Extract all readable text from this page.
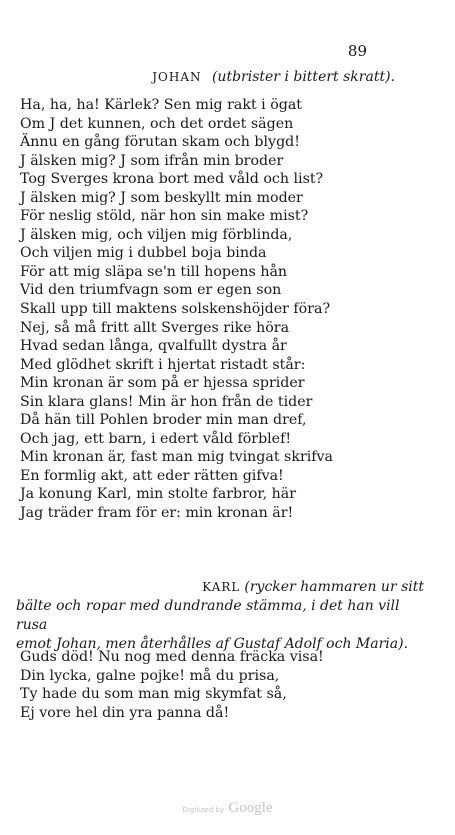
89
JOHAN (utbrister i bittert skratt).
Ha, ha, ha! Kärlek? Sen mig rakt i ögat
Om J det kunnen, och det ordet sägen
Ännu en gång förutan skam och blygd!
J älsken mig? J som ifrån min broder
Tog Sverges krona bort med våld och list?
J älsken mig? J som beskyllt min moder
För neslig stöld, när hon sin make mist?
J älsken mig, och viljen mig förblinda,
Och viljen mig i dubbel boja binda
För att mig släpa se'n till hopens hån
Vid den triumfvagn som er egen son
Skall upp till maktens solskenshöjder föra?
Nej, så må fritt allt Sverges rike höra
Hvad sedan långa, qvalfullt dystra år
Med glödhet skrift i hjertat ristadt står:
Min kronan är som på er hjessa sprider
Sin klara glans! Min är hon från de tider
Då hän till Pohlen broder min man dref,
Och jag, ett barn, i edert våld förblef!
Min kronan är, fast man mig tvingat skrifva
En formlig akt, att eder rätten gifva!
Ja konung Karl, min stolte farbror, här
Jag träder fram för er: min kronan är!
KARL (rycker hammaren ur sitt
bälte och ropar med dundrande stämma, i det han vill rusa
emot Johan, men återhålles af Gustaf Adolf och Maria).
Guds död! Nu nog med denna fräcka visa!
Din lycka, galne pojke! må du prisa,
Ty hade du som man mig skymfat så,
Ej vore hel din yra panna då!
Digitized by Google
